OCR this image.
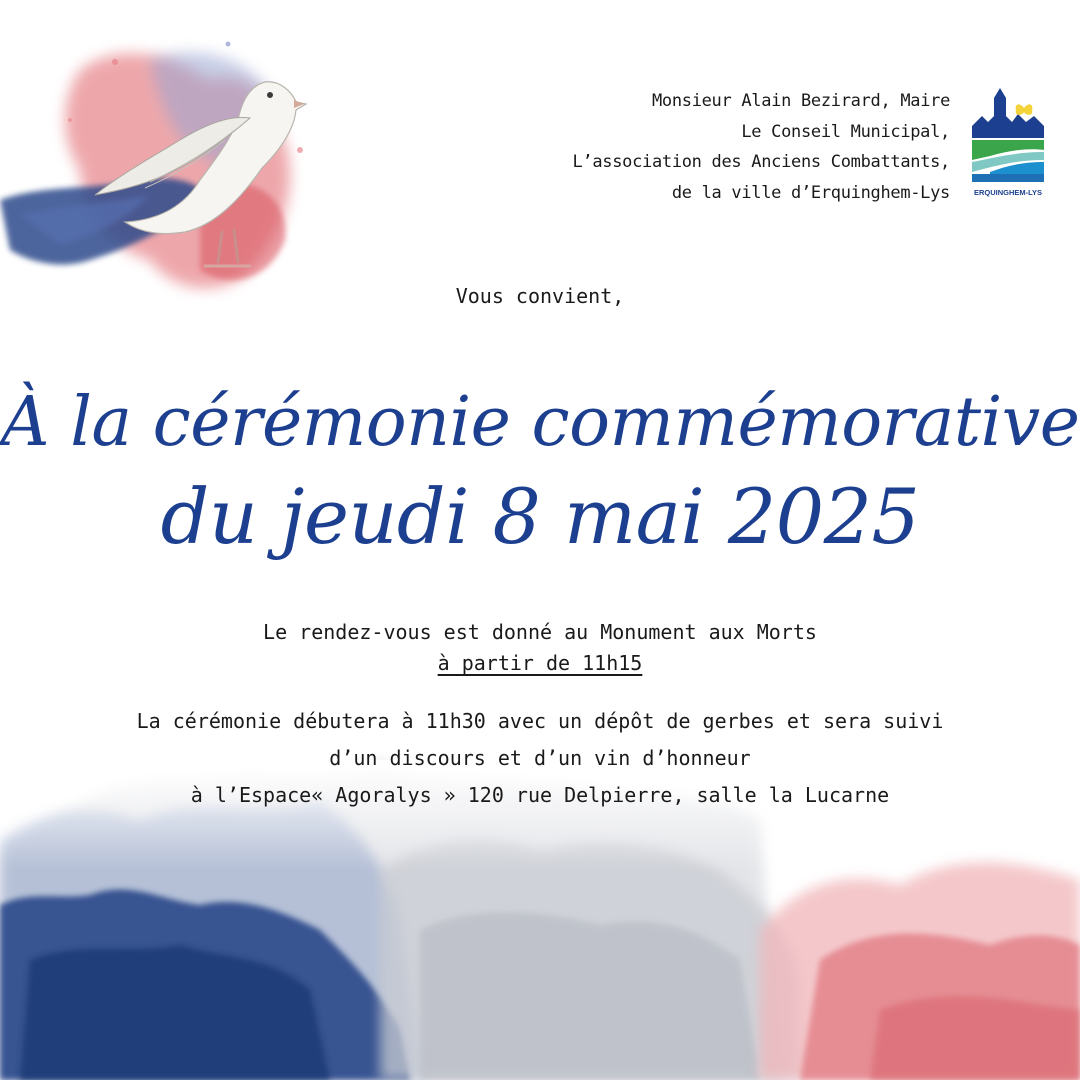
Monsieur Alain Bezirard, Maire
Le Conseil Municipal,
L’association des Anciens Combattants,
de la ville d’Erquinghem-Lys	ERQUINGHEM-LYS
Vous convient,
À la cérémonie commémorative
du jeudi 8 mai 2025
Le rendez-vous est donné au Monument aux Morts
à partir de 11h15
La cérémonie débutera à 11h30 avec un dépôt de gerbes et sera suivi
d’un discours et d’un vin d’honneur
à l’Espace« Agoralys » 120 rue Delpierre, salle la Lucarne
